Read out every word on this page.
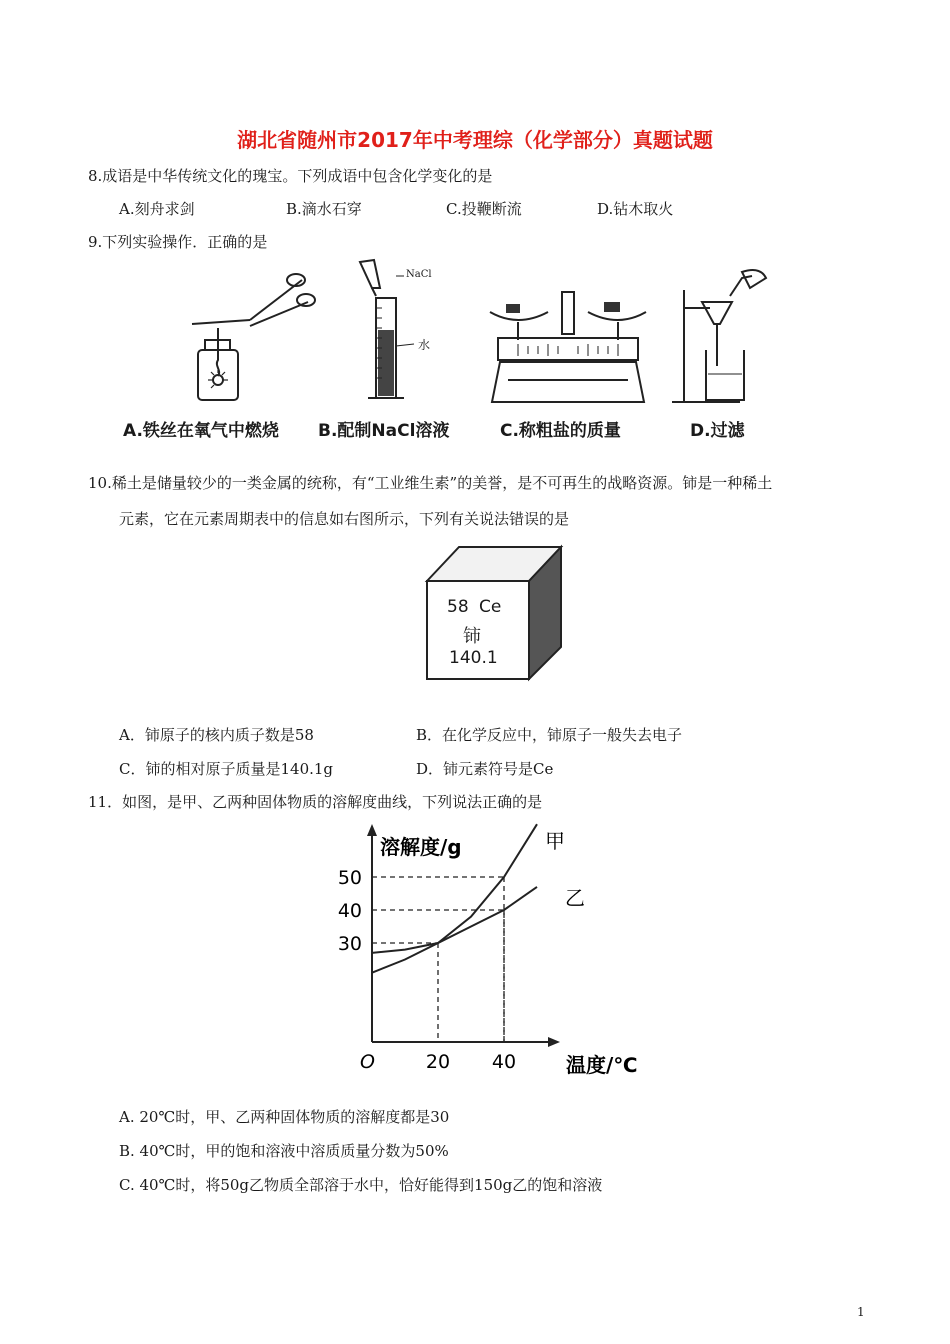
湖北省随州市2017年中考理综（化学部分）真题试题
8.成语是中华传统文化的瑰宝。下列成语中包含化学变化的是
A.刻舟求剑	B.滴水石穿	C.投鞭断流	D.钻木取火
9.下列实验操作．正确的是
NaCl
水
A.铁丝在氧气中燃烧 B.配制NaCl溶液	C.称粗盐的质量	D.过滤
10.稀土是储量较少的一类金属的统称，有“工业维生素”的美誉，是不可再生的战略资源。铈是一种稀土
元素，它在元素周期表中的信息如右图所示，下列有关说法错误的是
58 Ce
铈
140.1
A．铈原子的核内质子数是58	B．在化学反应中，铈原子一般失去电子
C．铈的相对原子质量是140.1g	D．铈元素符号是Ce
11．如图，是甲、乙两种固体物质的溶解度曲线，下列说法正确的是
甲
乙
30
40
50
20 40
O
溶解度/g
温度/℃
A. 20℃时，甲、乙两种固体物质的溶解度都是30
B. 40℃时，甲的饱和溶液中溶质质量分数为50%
C. 40℃时，将50g乙物质全部溶于水中，恰好能得到150g乙的饱和溶液
1
